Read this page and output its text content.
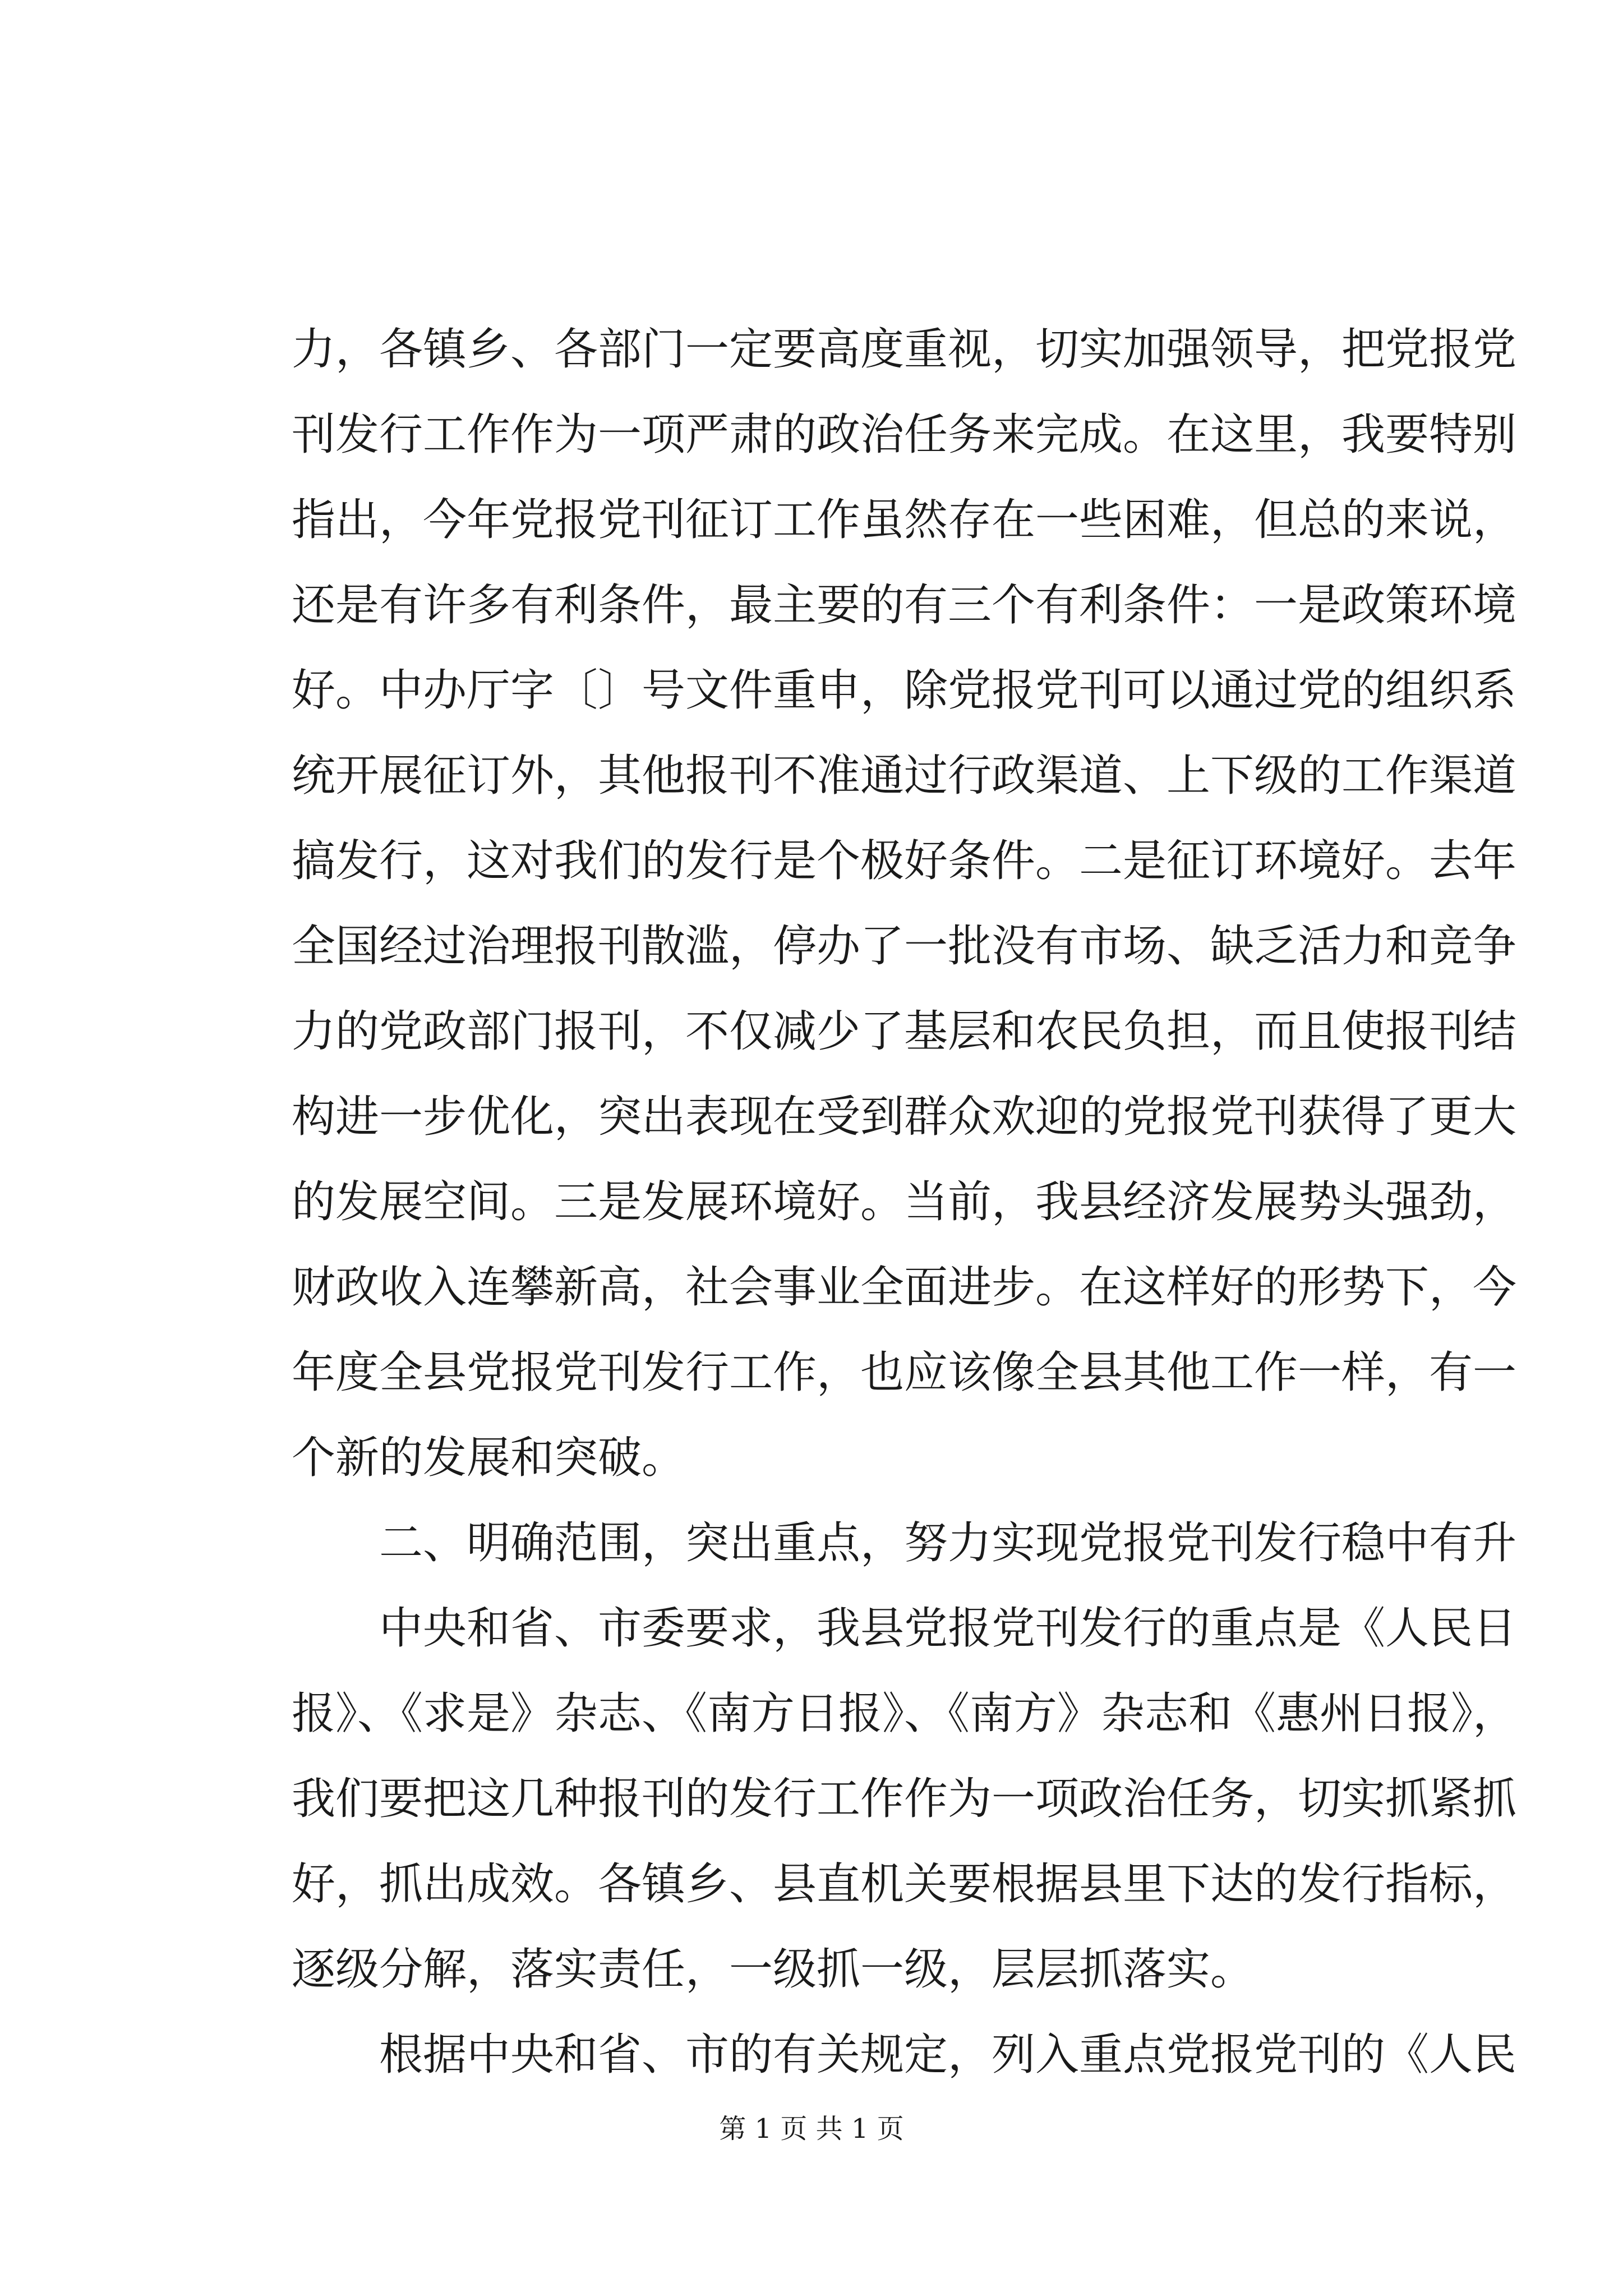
力，各镇乡、各部门一定要高度重视，切实加强领导，把党报党
刊发行工作作为一项严肃的政治任务来完成。在这里，我要特别
指出，今年党报党刊征订工作虽然存在一些困难，但总的来说，
还是有许多有利条件，最主要的有三个有利条件：一是政策环境
好。中办厅字〔〕号文件重申，除党报党刊可以通过党的组织系
统开展征订外，其他报刊不准通过行政渠道、上下级的工作渠道
搞发行，这对我们的发行是个极好条件。二是征订环境好。去年
全国经过治理报刊散滥，停办了一批没有市场、缺乏活力和竞争
力的党政部门报刊，不仅减少了基层和农民负担，而且使报刊结
构进一步优化，突出表现在受到群众欢迎的党报党刊获得了更大
的发展空间。三是发展环境好。当前，我县经济发展势头强劲，
财政收入连攀新高，社会事业全面进步。在这样好的形势下，今
年度全县党报党刊发行工作，也应该像全县其他工作一样，有一
个新的发展和突破。
　　二、明确范围，突出重点，努力实现党报党刊发行稳中有升
　　中央和省、市委要求，我县党报党刊发行的重点是《人民日
报》、《求是》杂志、《南方日报》、《南方》杂志和《惠州日报》，
我们要把这几种报刊的发行工作作为一项政治任务，切实抓紧抓
好，抓出成效。各镇乡、县直机关要根据县里下达的发行指标，
逐级分解，落实责任，一级抓一级，层层抓落实。
　　根据中央和省、市的有关规定，列入重点党报党刊的《人民
第 1 页 共 1 页
